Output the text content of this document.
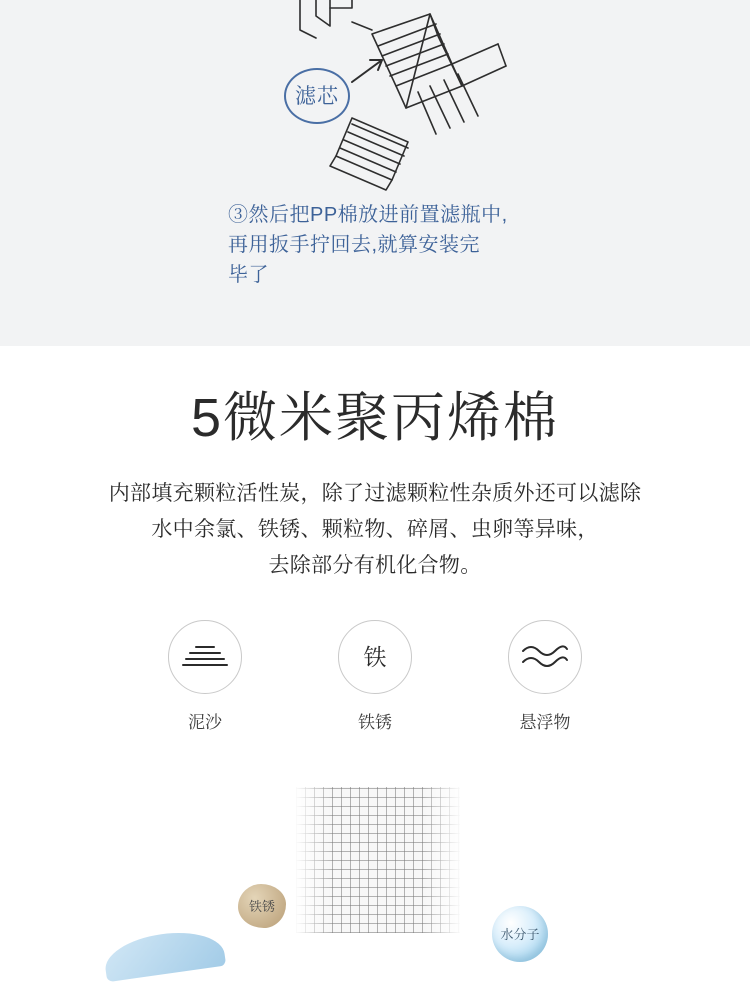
滤芯
③然后把PP棉放进前置滤瓶中,
再用扳手拧回去,就算安装完
毕了
5微米聚丙烯棉
内部填充颗粒活性炭，除了过滤颗粒性杂质外还可以滤除
水中余氯、铁锈、颗粒物、碎屑、虫卵等异味，
去除部分有机化合物。
泥沙
铁
铁锈	悬浮物
铁锈
水分子
